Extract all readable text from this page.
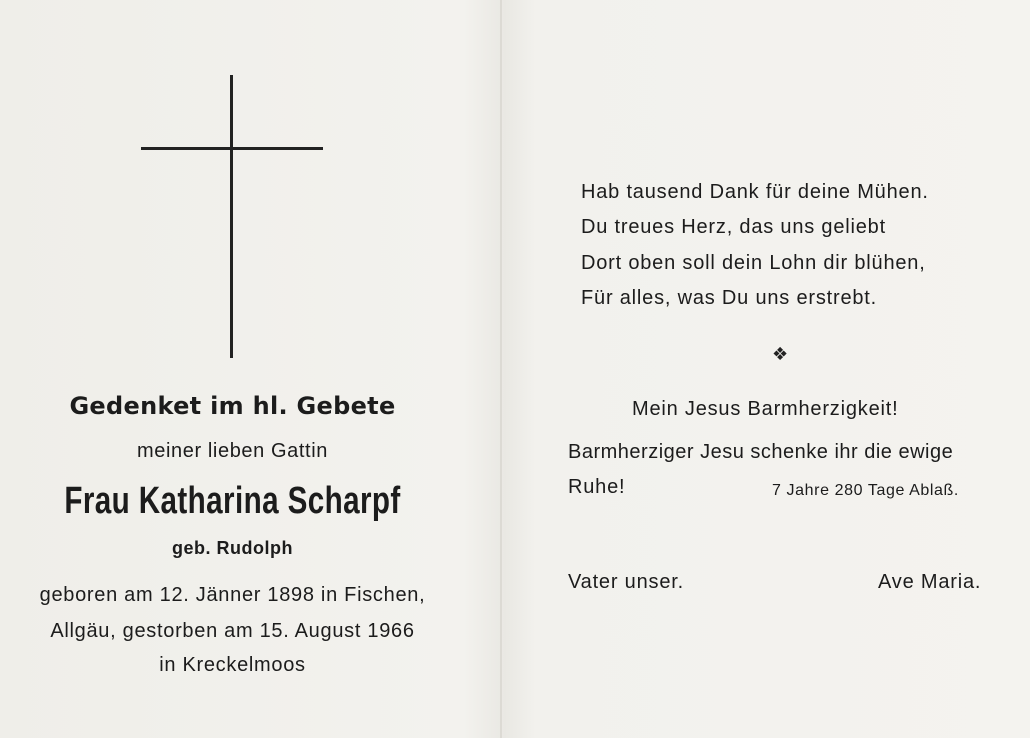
Gedenket im hl. Gebete
meiner lieben Gattin
Frau Katharina Scharpf
geb. Rudolph
geboren am 12. Jänner 1898 in Fischen,
Allgäu, gestorben am 15. August 1966
in Kreckelmoos
Hab tausend Dank für deine Mühen.
Du treues Herz, das uns geliebt
Dort oben soll dein Lohn dir blühen,
Für alles, was Du uns erstrebt.
❖
Mein Jesus Barmherzigkeit!
Barmherziger Jesu schenke ihr die ewige
Ruhe!	7 Jahre 280 Tage Ablaß.
Vater unser.	Ave Maria.
